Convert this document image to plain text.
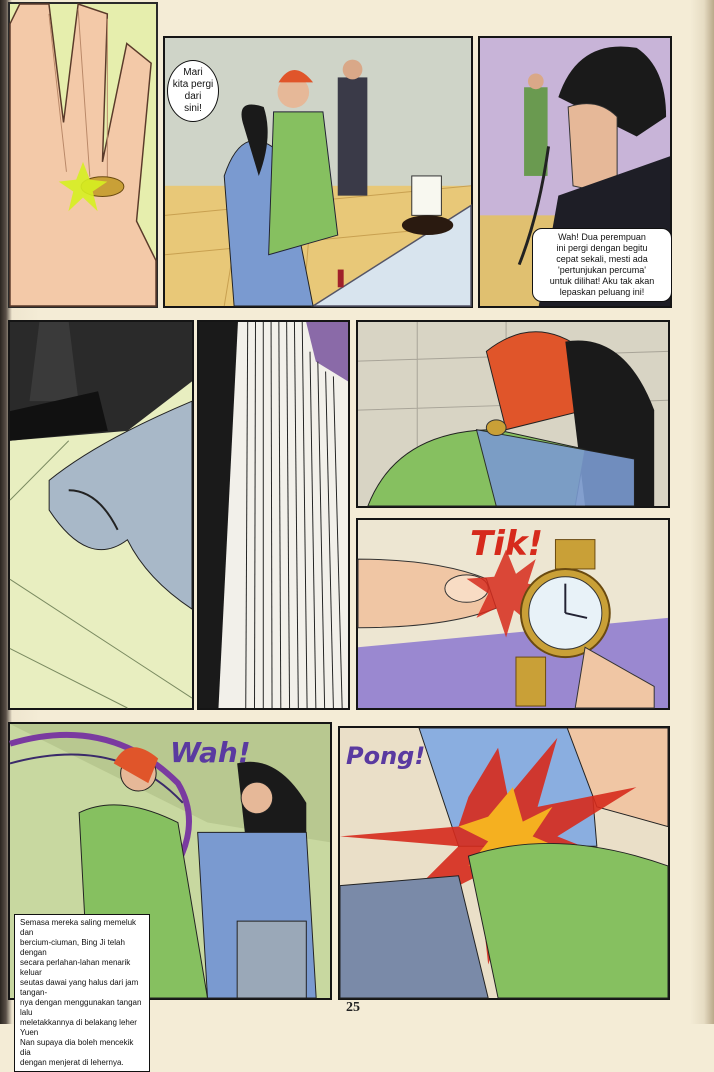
Mari
kita pergi
dari
sini!
Wah! Dua perempuan
ini pergi dengan begitu
cepat sekali, mesti ada
'pertunjukan percuma'
untuk dilihat! Aku tak akan
lepaskan peluang ini!
Tik!
Wah!
Semasa mereka saling memeluk dan
bercium-ciuman, Bing Ji telah dengan
secara perlahan-lahan menarik keluar
seutas dawai yang halus dari jam tangan-
nya dengan menggunakan tangan lalu
meletakkannya di belakang leher Yuen
Nan supaya dia boleh mencekik dia
dengan menjerat di lehernya.
Pong!
25
